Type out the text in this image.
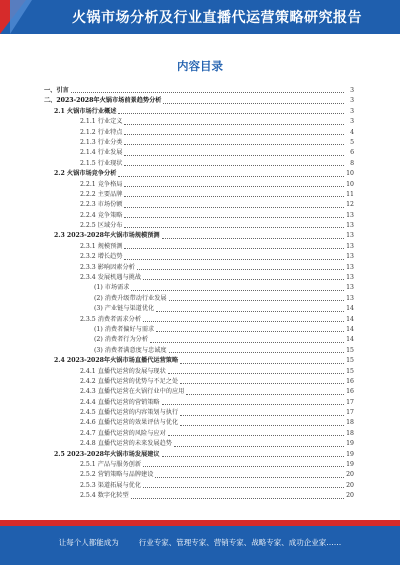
火锅市场分析及行业直播代运营策略研究报告
内容目录
一、引言	3
二、2023-2028年火锅市场前景趋势分析	3
2.1 火锅市场行业概述	3
2.1.1 行业定义	3
2.1.2 行业特点	4
2.1.3 行业分类	5
2.1.4 行业发展	6
2.1.5 行业现状	8
2.2 火锅市场竞争分析	10
2.2.1 竞争格局	10
2.2.2 主要品牌	11
2.2.3 市场份额	12
2.2.4 竞争策略	13
2.2.5 区域分布	13
2.3 2023-2028年火锅市场规模预测	13
2.3.1 规模预测	13
2.3.2 增长趋势	13
2.3.3 影响因素分析	13
2.3.4 发展机遇与挑战	13
(1) 市场需求	13
(2) 消费升级带动行业发展	13
(3) 产业链与渠道优化	14
2.3.5 消费者需求分析	14
(1) 消费者偏好与需求	14
(2) 消费者行为分析	14
(3) 消费者满意度与忠诚度	15
2.4 2023-2028年火锅市场直播代运营策略	15
2.4.1 直播代运营的发展与现状	15
2.4.2 直播代运营的优势与不足之处	16
2.4.3 直播代运营在火锅行业中的应用	16
2.4.4 直播代运营的营销策略	17
2.4.5 直播代运营的内容策划与执行	17
2.4.6 直播代运营的效果评估与优化	18
2.4.7 直播代运营的风险与应对	18
2.4.8 直播代运营的未来发展趋势	19
2.5 2023-2028年火锅市场发展建议	19
2.5.1 产品与服务创新	19
2.5.2 营销策略与品牌建设	20
2.5.3 渠道拓展与优化	20
2.5.4 数字化转型	20
让每个人都能成为	行业专家、管理专家、营销专家、战略专家、成功企业家……
